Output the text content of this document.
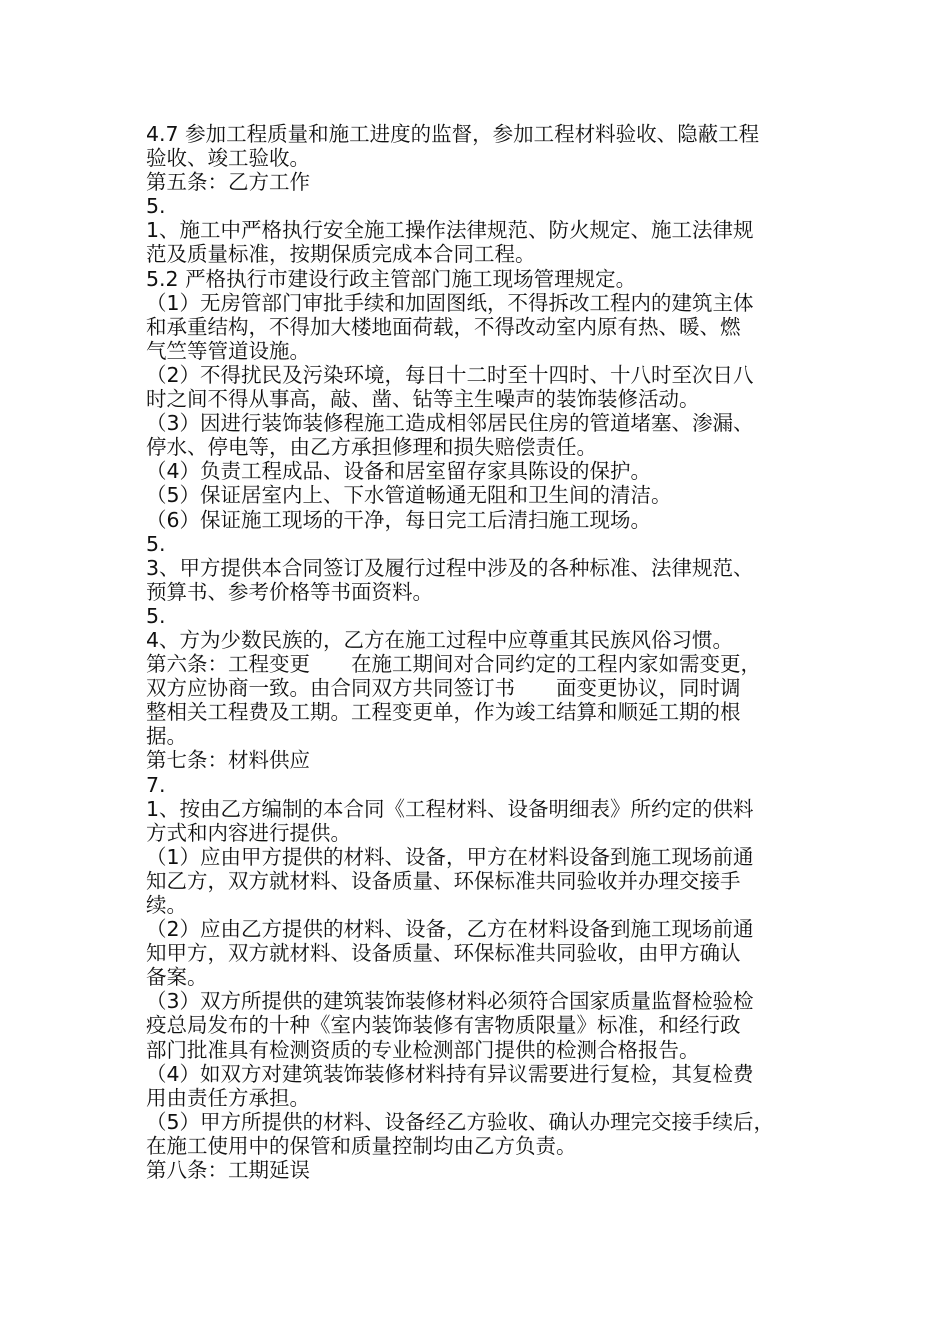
4.7 参加工程质量和施工进度的监督，参加工程材料验收、隐蔽工程
验收、竣工验收。
第五条：乙方工作
5.
1、施工中严格执行安全施工操作法律规范、防火规定、施工法律规
范及质量标准，按期保质完成本合同工程。
5.2 严格执行市建设行政主管部门施工现场管理规定。
（1）无房管部门审批手续和加固图纸，不得拆改工程内的建筑主体
和承重结构，不得加大楼地面荷载，不得改动室内原有热、暖、燃
气竺等管道设施。
（2）不得扰民及污染环境，每日十二时至十四时、十八时至次日八
时之间不得从事高，敲、凿、钻等主生噪声的装饰装修活动。
（3）因进行装饰装修程施工造成相邻居民住房的管道堵塞、渗漏、
停水、停电等，由乙方承担修理和损失赔偿责任。
（4）负责工程成品、设备和居室留存家具陈设的保护。
（5）保证居室内上、下水管道畅通无阻和卫生间的清洁。
（6）保证施工现场的干净，每日完工后清扫施工现场。
5.
3、甲方提供本合同签订及履行过程中涉及的各种标准、法律规范、
预算书、参考价格等书面资料。
5.
4、方为少数民族的，乙方在施工过程中应尊重其民族风俗习惯。
第六条：工程变更　　在施工期间对合同约定的工程内家如需变更，
双方应协商一致。由合同双方共同签订书　　面变更协议，同时调
整相关工程费及工期。工程变更单，作为竣工结算和顺延工期的根
据。
第七条：材料供应
7.
1、按由乙方编制的本合同《工程材料、设备明细表》所约定的供料
方式和内容进行提供。
（1）应由甲方提供的材料、设备，甲方在材料设备到施工现场前通
知乙方，双方就材料、设备质量、环保标准共同验收并办理交接手
续。
（2）应由乙方提供的材料、设备，乙方在材料设备到施工现场前通
知甲方，双方就材料、设备质量、环保标准共同验收，由甲方确认
备案。
（3）双方所提供的建筑装饰装修材料必须符合国家质量监督检验检
疫总局发布的十种《室内装饰装修有害物质限量》标准，和经行政
部门批准具有检测资质的专业检测部门提供的检测合格报告。
（4）如双方对建筑装饰装修材料持有异议需要进行复检，其复检费
用由责任方承担。
（5）甲方所提供的材料、设备经乙方验收、确认办理完交接手续后，
在施工使用中的保管和质量控制均由乙方负责。
第八条：工期延误
